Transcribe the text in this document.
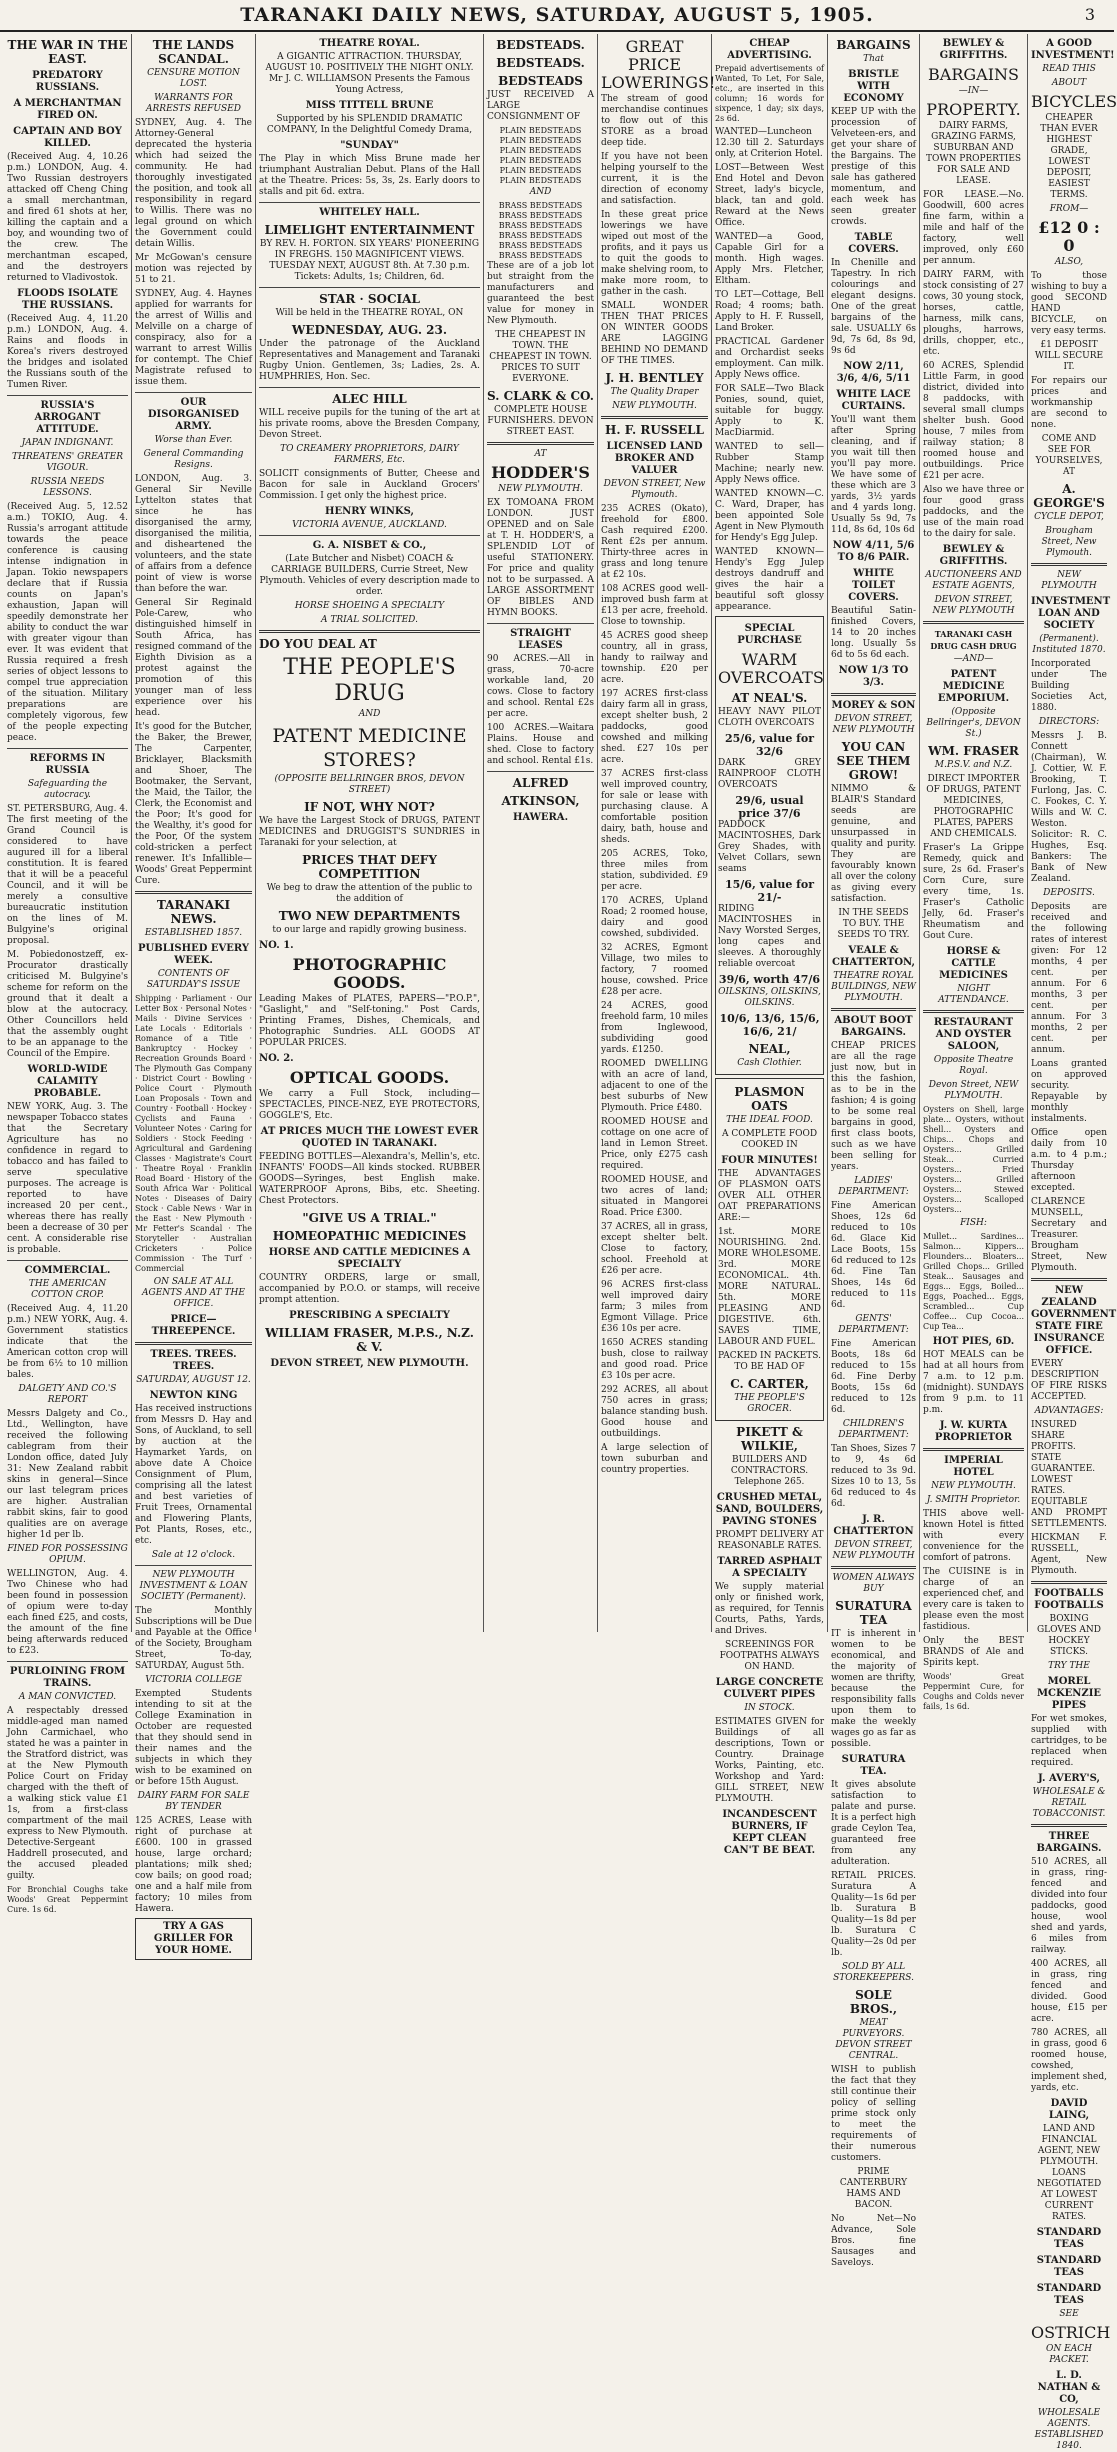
TARANAKI DAILY NEWS, SATURDAY, AUGUST 5, 1905.	3
THE WAR IN THE EAST.
PREDATORY RUSSIANS.
A MERCHANTMAN FIRED ON.
CAPTAIN AND BOY KILLED.

(Received Aug. 4, 10.26 p.m.) LONDON, Aug. 4. Two Russian destroyers attacked off Cheng Ching a small merchantman, and fired 61 shots at her, killing the captain and a boy, and wounding two of the crew. The merchantman escaped, and the destroyers returned to Vladivostok.

FLOODS ISOLATE THE RUSSIANS.

(Received Aug. 4, 11.20 p.m.) LONDON, Aug. 4. Rains and floods in Korea's rivers destroyed the bridges and isolated the Russians south of the Tumen River.

RUSSIA'S ARROGANT ATTITUDE.
JAPAN INDIGNANT.
THREATENS' GREATER VIGOUR.
RUSSIA NEEDS LESSONS.

(Received Aug. 5, 12.52 a.m.) TOKIO, Aug. 4. Russia's arrogant attitude towards the peace conference is causing intense indignation in Japan. Tokio newspapers declare that if Russia counts on Japan's exhaustion, Japan will speedily demonstrate her ability to conduct the war with greater vigour than ever. It was evident that Russia required a fresh series of object lessons to compel true appreciation of the situation. Military preparations are completely vigorous, few of the people expecting peace.

REFORMS IN RUSSIA
Safeguarding the autocracy.

ST. PETERSBURG, Aug. 4. The first meeting of the Grand Council is considered to have augured ill for a liberal constitution. It is feared that it will be a peaceful Council, and it will be merely a consultive bureaucratic institution on the lines of M. Bulgyine's original proposal.

M. Pobiedonostzeff, ex-Procurator drastically criticised M. Bulgyine's scheme for reform on the ground that it dealt a blow at the autocracy. Other Councillors held that the assembly ought to be an appanage to the Council of the Empire.

WORLD-WIDE CALAMITY PROBABLE.

NEW YORK, Aug. 3. The newspaper Tobacco states that the Secretary Agriculture has no confidence in regard to tobacco and has failed to serve speculative purposes. The acreage is reported to have increased 20 per cent., whereas there has really been a decrease of 30 per cent. A considerable rise is probable.

COMMERCIAL.
THE AMERICAN COTTON CROP.

(Received Aug. 4, 11.20 p.m.) NEW YORK, Aug. 4. Government statistics indicate that the American cotton crop will be from 6½ to 10 million bales.

DALGETY AND CO.'S REPORT

Messrs Dalgety and Co., Ltd., Wellington, have received the following cablegram from their London office, dated July 31: New Zealand rabbit skins in general—Since our last telegram prices are higher. Australian rabbit skins, fair to good qualities are on average higher 1d per lb.

FINED FOR POSSESSING OPIUM.

WELLINGTON, Aug. 4. Two Chinese who had been found in possession of opium were to-day each fined £25, and costs, the amount of the fine being afterwards reduced to £23.

PURLOINING FROM TRAINS.
A MAN CONVICTED.

A respectably dressed middle-aged man named John Carmichael, who stated he was a painter in the Stratford district, was at the New Plymouth Police Court on Friday charged with the theft of a walking stick value £1 1s, from a first-class compartment of the mail express to New Plymouth. Detective-Sergeant Haddrell prosecuted, and the accused pleaded guilty.

For Bronchial Coughs take Woods' Great Peppermint Cure. 1s 6d.

THE LANDS SCANDAL.
CENSURE MOTION LOST.
WARRANTS FOR ARRESTS REFUSED

SYDNEY, Aug. 4. The Attorney-General deprecated the hysteria which had seized the community. He had thoroughly investigated the position, and took all responsibility in regard to Willis. There was no legal ground on which the Government could detain Willis.

Mr McGowan's censure motion was rejected by 51 to 21.

SYDNEY, Aug. 4. Haynes applied for warrants for the arrest of Willis and Melville on a charge of conspiracy, also for a warrant to arrest Willis for contempt. The Chief Magistrate refused to issue them.

OUR DISORGANISED ARMY.
Worse than Ever.
General Commanding Resigns.

LONDON, Aug. 3. General Sir Neville Lyttelton states that since he has disorganised the army, disorganised the militia, and disheartened the volunteers, and the state of affairs from a defence point of view is worse than before the war.

General Sir Reginald Pole-Carew, who distinguished himself in South Africa, has resigned command of the Eighth Division as a protest against the promotion of this younger man of less experience over his head.

It's good for the Butcher, the Baker, the Brewer, The Carpenter, Bricklayer, Blacksmith and Shoer, The Bootmaker, the Servant, the Maid, the Tailor, the Clerk, the Economist and the Poor; It's good for the Wealthy, it's good for the Poor, Of the system cold-stricken a perfect renewer. It's Infallible—Woods' Great Peppermint Cure.

TARANAKI NEWS.
ESTABLISHED 1857.
PUBLISHED EVERY WEEK.
CONTENTS OF SATURDAY'S ISSUE

Shipping · Parliament · Our Letter Box · Personal Notes · Mails · Divine Services · Late Locals · Editorials · Romance of a Title · Bankruptcy · Hockey · Recreation Grounds Board · The Plymouth Gas Company · District Court · Bowling · Police Court · Plymouth Loan Proposals · Town and Country · Football · Hockey · Cyclists and Fauna · Volunteer Notes · Caring for Soldiers · Stock Feeding · Agricultural and Gardening Classes · Magistrate's Court · Theatre Royal · Franklin Road Board · History of the South Africa War · Political Notes · Diseases of Dairy Stock · Cable News · War in the East · New Plymouth · Mr Fetter's Scandal · The Storyteller · Australian Cricketers · Police Commission · The Turf · Commercial

ON SALE AT ALL AGENTS AND AT THE OFFICE.
PRICE— THREEPENCE.
TREES. TREES. TREES.
SATURDAY, AUGUST 12.
NEWTON KING

Has received instructions from Messrs D. Hay and Sons, of Auckland, to sell by auction at the Haymarket Yards, on above date A Choice Consignment of Plum, comprising all the latest and best varieties of Fruit Trees, Ornamental and Flowering Plants, Pot Plants, Roses, etc., etc.

Sale at 12 o'clock.
NEW PLYMOUTH INVESTMENT & LOAN SOCIETY (Permanent).

The Monthly Subscriptions will be Due and Payable at the Office of the Society, Brougham Street, To-day, SATURDAY, August 5th.

VICTORIA COLLEGE

Exempted Students intending to sit at the College Examination in October are requested that they should send in their names and the subjects in which they wish to be examined on or before 15th August.

DAIRY FARM FOR SALE BY TENDER

125 ACRES, Lease with right of purchase at £600. 100 in grassed house, large orchard; plantations; milk shed; cow bails; on good road; one and a half mile from factory; 10 miles from Hawera.

TRY A GAS GRILLER FOR YOUR HOME.
THEATRE ROYAL.

A GIGANTIC ATTRACTION. THURSDAY, AUGUST 10. POSITIVELY THE NIGHT ONLY. Mr J. C. WILLIAMSON Presents the Famous Young Actress,

MISS TITTELL BRUNE

Supported by his SPLENDID DRAMATIC COMPANY, In the Delightful Comedy Drama,

"SUNDAY"

The Play in which Miss Brune made her triumphant Australian Debut. Plans of the Hall at the Theatre. Prices: 5s, 3s, 2s. Early doors to stalls and pit 6d. extra.

WHITELEY HALL.
LIMELIGHT ENTERTAINMENT

BY REV. H. FORTON. SIX YEARS' PIONEERING IN FREGHS. 150 MAGNIFICENT VIEWS. TUESDAY NEXT, AUGUST 8th. At 7.30 p.m. Tickets: Adults, 1s; Children, 6d.

STAR · SOCIAL

Will be held in the THEATRE ROYAL, ON

WEDNESDAY, AUG. 23.

Under the patronage of the Auckland Representatives and Management and Taranaki Rugby Union. Gentlemen, 3s; Ladies, 2s. A. HUMPHRIES, Hon. Sec.

ALEC HILL

WILL receive pupils for the tuning of the art at his private rooms, above the Bresden Company, Devon Street.

TO CREAMERY PROPRIETORS, DAIRY FARMERS, Etc.

SOLICIT consignments of Butter, Cheese and Bacon for sale in Auckland Grocers' Commission. I get only the highest price.

HENRY WINKS,
VICTORIA AVENUE, AUCKLAND.
G. A. NISBET & CO.,

(Late Butcher and Nisbet) COACH & CARRIAGE BUILDERS, Currie Street, New Plymouth. Vehicles of every description made to order.

HORSE SHOEING A SPECIALTY
A TRIAL SOLICITED.
DO YOU DEAL AT
THE PEOPLE'S DRUG
AND
PATENT MEDICINE STORES?
(OPPOSITE BELLRINGER BROS, DEVON STREET)
IF NOT, WHY NOT?

We have the Largest Stock of DRUGS, PATENT MEDICINES and DRUGGIST'S SUNDRIES in Taranaki for your selection, at

PRICES THAT DEFY COMPETITION

We beg to draw the attention of the public to the addition of

TWO NEW DEPARTMENTS

to our large and rapidly growing business.

NO. 1.
PHOTOGRAPHIC GOODS.

Leading Makes of PLATES, PAPERS—"P.O.P.", "Gaslight," and "Self-toning." Post Cards, Printing Frames, Dishes, Chemicals, and Photographic Sundries. ALL GOODS AT POPULAR PRICES.

NO. 2.
OPTICAL GOODS.

We carry a Full Stock, including— SPECTACLES, PINCE-NEZ, EYE PROTECTORS, GOGGLE'S, Etc.

AT PRICES MUCH THE LOWEST EVER QUOTED IN TARANAKI.

FEEDING BOTTLES—Alexandra's, Mellin's, etc. INFANTS' FOODS—All kinds stocked. RUBBER GOODS—Syringes, best English make. WATERPROOF Aprons, Bibs, etc. Sheeting. Chest Protectors.

"GIVE US A TRIAL."
HOMEOPATHIC MEDICINES
HORSE AND CATTLE MEDICINES A SPECIALTY

COUNTRY ORDERS, large or small, accompanied by P.O.O. or stamps, will receive prompt attention.

PRESCRIBING A SPECIALTY
WILLIAM FRASER, M.P.S., N.Z. & V.
DEVON STREET, NEW PLYMOUTH.
BEDSTEADS.
BEDSTEADS.
BEDSTEADS

JUST RECEIVED A LARGE CONSIGNMENT OF

PLAIN BEDSTEADS
PLAIN BEDSTEADS
PLAIN BEDSTEADS
PLAIN BEDSTEADS
PLAIN BEDSTEADS
PLAIN BEDSTEADS
AND
BRASS BEDSTEADS
BRASS BEDSTEADS
BRASS BEDSTEADS
BRASS BEDSTEADS
BRASS BEDSTEADS
BRASS BEDSTEADS

These are of a job lot but straight from the manufacturers and guaranteed the best value for money in New Plymouth.

THE CHEAPEST IN TOWN. THE CHEAPEST IN TOWN. PRICES TO SUIT EVERYONE.

S. CLARK & CO.

COMPLETE HOUSE FURNISHERS. DEVON STREET EAST.

AT
HODDER'S
NEW PLYMOUTH.

EX TOMOANA FROM LONDON. JUST OPENED and on Sale at T. H. HODDER'S, a SPLENDID LOT of useful STATIONERY. For price and quality not to be surpassed. A LARGE ASSORTMENT OF BIBLES AND HYMN BOOKS.

STRAIGHT LEASES

90 ACRES.—All in grass, 70-acre workable land, 20 cows. Close to factory and school. Rental £2s per acre.

100 ACRES.—Waitara Plains. House and shed. Close to factory and school. Rental £1s.

ALFRED
ATKINSON,
HAWERA.
GREAT PRICE LOWERINGS!

The stream of good merchandise continues to flow out of this STORE as a broad deep tide.

If you have not been helping yourself to the current, it is the direction of economy and satisfaction.

In these great price lowerings we have wiped out most of the profits, and it pays us to quit the goods to make shelving room, to make more room, to gather in the cash.

SMALL WONDER THEN THAT PRICES ON WINTER GOODS ARE LAGGING BEHIND NO DEMAND OF THE TIMES.

J. H. BENTLEY
The Quality Draper
NEW PLYMOUTH.
H. F. RUSSELL
LICENSED LAND BROKER AND VALUER
DEVON STREET, New Plymouth.

235 ACRES (Okato), freehold for £800. Cash required £200. Rent £2s per annum. Thirty-three acres in grass and long tenure at £2 10s.

108 ACRES good well-improved bush farm at £13 per acre, freehold. Close to township.

45 ACRES good sheep country, all in grass, handy to railway and township. £20 per acre.

197 ACRES first-class dairy farm all in grass, except shelter bush, 2 paddocks, good cowshed and milking shed. £27 10s per acre.

37 ACRES first-class well improved country, for sale or lease with purchasing clause. A comfortable position dairy, bath, house and sheds.

205 ACRES, Toko, three miles from station, subdivided. £9 per acre.

170 ACRES, Upland Road; 2 roomed house, dairy and good cowshed, subdivided.

32 ACRES, Egmont Village, two miles to factory, 7 roomed house, cowshed. Price £28 per acre.

24 ACRES, good freehold farm, 10 miles from Inglewood, subdividing good yards. £1250.

ROOMED DWELLING with an acre of land, adjacent to one of the best suburbs of New Plymouth. Price £480.

ROOMED HOUSE and cottage on one acre of land in Lemon Street. Price, only £275 cash required.

ROOMED HOUSE, and two acres of land; situated in Mangorei Road. Price £300.

37 ACRES, all in grass, except shelter belt. Close to factory, school. Freehold at £26 per acre.

96 ACRES first-class well improved dairy farm; 3 miles from Egmont Village. Price £36 10s per acre.

1650 ACRES standing bush, close to railway and good road. Price £3 10s per acre.

292 ACRES, all about 750 acres in grass; balance standing bush. Good house and outbuildings.

A large selection of town suburban and country properties.

CHEAP ADVERTISING.

Prepaid advertisements of Wanted, To Let, For Sale, etc., are inserted in this column; 16 words for sixpence, 1 day; six days, 2s 6d.

WANTED—Luncheon 12.30 till 2. Saturdays only, at Criterion Hotel.

LOST—Between West End Hotel and Devon Street, lady's bicycle, black, tan and gold. Reward at the News Office.

WANTED—a Good, Capable Girl for a month. High wages. Apply Mrs. Fletcher, Eltham.

TO LET—Cottage, Bell Road; 4 rooms; bath. Apply to H. F. Russell, Land Broker.

PRACTICAL Gardener and Orchardist seeks employment. Can milk. Apply News office.

FOR SALE—Two Black Ponies, sound, quiet, suitable for buggy. Apply to K. MacDiarmid.

WANTED to sell—Rubber Stamp Machine; nearly new. Apply News office.

WANTED KNOWN—C. C. Ward, Draper, has been appointed Sole Agent in New Plymouth for Hendy's Egg Julep.

WANTED KNOWN—Hendy's Egg Julep destroys dandruff and gives the hair a beautiful soft glossy appearance.

SPECIAL PURCHASE
WARM OVERCOATS
AT NEAL'S.

HEAVY NAVY PILOT CLOTH OVERCOATS

25/6, value for 32/6

DARK GREY RAINPROOF CLOTH OVERCOATS

29/6, usual price 37/6

PADDOCK MACINTOSHES, Dark Grey Shades, with Velvet Collars, sewn seams

15/6, value for 21/-

RIDING MACINTOSHES in Navy Worsted Serges, long capes and sleeves. A thoroughly reliable overcoat

39/6, worth 47/6
OILSKINS, OILSKINS, OILSKINS.
10/6, 13/6, 15/6, 16/6, 21/
NEAL,
Cash Clothier.
PLASMON OATS
THE IDEAL FOOD.

A COMPLETE FOOD COOKED IN

FOUR MINUTES!

THE ADVANTAGES OF PLASMON OATS OVER ALL OTHER OAT PREPARATIONS ARE:—

1st. MORE NOURISHING. 2nd. MORE WHOLESOME. 3rd. MORE ECONOMICAL. 4th. MORE NATURAL. 5th. MORE PLEASING AND DIGESTIVE. 6th. SAVES TIME, LABOUR AND FUEL.

PACKED IN PACKETS. TO BE HAD OF

C. CARTER,
THE PEOPLE'S GROCER.
PIKETT & WILKIE,

BUILDERS AND CONTRACTORS. Telephone 265.

CRUSHED METAL, SAND, BOULDERS, PAVING STONES

PROMPT DELIVERY AT REASONABLE RATES.

TARRED ASPHALT A SPECIALTY

We supply material only or finished work, as required, for Tennis Courts, Paths, Yards, and Drives.

SCREENINGS FOR FOOTPATHS ALWAYS ON HAND.

LARGE CONCRETE CULVERT PIPES
IN STOCK.

ESTIMATES GIVEN for Buildings of all descriptions, Town or Country. Drainage Works, Painting, etc. Workshop and Yard: GILL STREET, NEW PLYMOUTH.

INCANDESCENT BURNERS, IF KEPT CLEAN CAN'T BE BEAT.
BARGAINS
That
BRISTLE WITH ECONOMY

KEEP UP with the procession of Velveteen-ers, and get your share of the Bargains. The prestige of this sale has gathered momentum, and each week has seen greater crowds.

TABLE COVERS.

In Chenille and Tapestry. In rich colourings and elegant designs. One of the great bargains of the sale. USUALLY 6s 9d, 7s 6d, 8s 9d, 9s 6d

NOW 2/11, 3/6, 4/6, 5/11
WHITE LACE CURTAINS.

You'll want them after Spring cleaning, and if you wait till then you'll pay more. We have some of these which are 3 yards, 3½ yards and 4 yards long. Usually 5s 9d, 7s 11d, 8s 6d, 10s 6d

NOW 4/11, 5/6 TO 8/6 PAIR.
WHITE TOILET COVERS.

Beautiful Satin-finished Covers, 14 to 20 inches long. Usually 5s 6d to 5s 6d each.

NOW 1/3 TO 3/3.
MOREY & SON
DEVON STREET, NEW PLYMOUTH
YOU CAN SEE THEM GROW!

NIMMO & BLAIR'S Standard seeds are genuine, and unsurpassed in quality and purity. They are favourably known all over the colony as giving every satisfaction.

IN THE SEEDS TO BUY. THE SEEDS TO TRY.

VEALE & CHATTERTON,
THEATRE ROYAL BUILDINGS, NEW PLYMOUTH.
ABOUT BOOT BARGAINS.

CHEAP PRICES are all the rage just now, but in this the fashion, as to be in the fashion; 4 is going to be some real bargains in good, first class boots, such as we have been selling for years.

LADIES' DEPARTMENT:

Fine American Shoes, 12s 6d reduced to 10s 6d. Glace Kid Lace Boots, 15s 6d reduced to 12s 6d. Fine Tan Shoes, 14s 6d reduced to 11s 6d.

GENTS' DEPARTMENT:

Fine American Boots, 18s 6d reduced to 15s 6d. Fine Derby Boots, 15s 6d reduced to 12s 6d.

CHILDREN'S DEPARTMENT:

Tan Shoes, Sizes 7 to 9, 4s 6d reduced to 3s 9d. Sizes 10 to 13, 5s 6d reduced to 4s 6d.

J. R. CHATTERTON
DEVON STREET, NEW PLYMOUTH
WOMEN ALWAYS BUY
SURATURA TEA

IT is inherent in women to be economical, and the majority of women are thrifty, because the responsibility falls upon them to make the weekly wages go as far as possible.

SURATURA TEA.

It gives absolute satisfaction to palate and purse. It is a perfect high grade Ceylon Tea, guaranteed free from any adulteration.

RETAIL PRICES. Suratura A Quality—1s 6d per lb. Suratura B Quality—1s 8d per lb. Suratura C Quality—2s 0d per lb.

SOLD BY ALL STOREKEEPERS.
SOLE BROS.,
MEAT PURVEYORS. DEVON STREET CENTRAL.

WISH to publish the fact that they still continue their policy of selling prime stock only to meet the requirements of their numerous customers.

PRIME CANTERBURY HAMS AND BACON.

No Net—No Advance, Sole Bros. fine Sausages and Saveloys.

BEWLEY & GRIFFITHS.
BARGAINS
—IN—
PROPERTY.

DAIRY FARMS, GRAZING FARMS, SUBURBAN AND TOWN PROPERTIES FOR SALE AND LEASE.

FOR LEASE.—No. Goodwill, 600 acres fine farm, within a mile and half of the factory, well improved, only £60 per annum.

DAIRY FARM, with stock consisting of 27 cows, 30 young stock, horses, cattle, harness, milk cans, ploughs, harrows, drills, chopper, etc., etc.

60 ACRES, Splendid Little Farm, in good district, divided into 8 paddocks, with several small clumps shelter bush. Good house, 7 miles from railway station; 8 roomed house and outbuildings. Price £21 per acre.

Also we have three or four good grass paddocks, and the use of the main road to the dairy for sale.

BEWLEY & GRIFFITHS.
AUCTIONEERS AND ESTATE AGENTS,
DEVON STREET, NEW PLYMOUTH
TARANAKI CASH DRUG CASH DRUG
—AND—
PATENT MEDICINE EMPORIUM.
(Opposite Bellringer's, DEVON St.)
WM. FRASER
M.P.S.V. and N.Z.

DIRECT IMPORTER OF DRUGS, PATENT MEDICINES, PHOTOGRAPHIC PLATES, PAPERS AND CHEMICALS.

Fraser's La Grippe Remedy, quick and sure, 2s 6d. Fraser's Corn Cure, sure every time, 1s. Fraser's Catholic Jelly, 6d. Fraser's Rheumatism and Gout Cure.

HORSE & CATTLE MEDICINES
NIGHT ATTENDANCE.
RESTAURANT AND OYSTER SALOON,
Opposite Theatre Royal.
Devon Street, NEW PLYMOUTH.

Oysters on Shell, large plate... Oysters, without Shell... Oysters and Chips... Chops and Oysters... Grilled Steak... Curried Oysters... Fried Oysters... Grilled Oysters... Stewed Oysters... Scalloped Oysters...

FISH:

Mullet... Sardines... Salmon... Kippers... Flounders... Bloaters... Grilled Chops... Grilled Steak... Sausages and Eggs... Eggs, Boiled... Eggs, Poached... Eggs, Scrambled... Cup Coffee... Cup Cocoa... Cup Tea...

HOT PIES, 6D.

HOT MEALS can be had at all hours from 7 a.m. to 12 p.m. (midnight). SUNDAYS from 9 p.m. to 11 p.m.

J. W. KURTA PROPRIETOR
IMPERIAL HOTEL
NEW PLYMOUTH.
J. SMITH Proprietor.

THIS above well-known Hotel is fitted with every convenience for the comfort of patrons.

The CUISINE is in charge of an experienced chef, and every care is taken to please even the most fastidious.

Only the BEST BRANDS of Ale and Spirits kept.

Woods' Great Peppermint Cure, for Coughs and Colds never fails, 1s 6d.

A GOOD INVESTMENT!
READ THIS
ABOUT
BICYCLES

CHEAPER THAN EVER HIGHEST GRADE, LOWEST DEPOSIT, EASIEST TERMS.

FROM—
£12 0 : 0
ALSO,

To those wishing to buy a good SECOND HAND BICYCLE, on very easy terms.

£1 DEPOSIT WILL SECURE IT.

For repairs our prices and workmanship are second to none.

COME AND SEE FOR YOURSELVES, AT

A. GEORGE'S
CYCLE DEPOT,
Brougham Street, New Plymouth.
NEW PLYMOUTH
INVESTMENT LOAN AND SOCIETY
(Permanent). Instituted 1870.

Incorporated under The Building Societies Act, 1880.

DIRECTORS:

Messrs J. B. Connett (Chairman), W. J. Cottier, W. F. Brooking, T. Furlong, Jas. C. C. Fookes, C. Y. Wills and W. C. Weston. Solicitor: R. C. Hughes, Esq. Bankers: The Bank of New Zealand.

DEPOSITS.

Deposits are received and the following rates of interest given: For 12 months, 4 per cent. per annum. For 6 months, 3 per cent. per annum. For 3 months, 2 per cent. per annum.

Loans granted on approved security. Repayable by monthly instalments.

Office open daily from 10 a.m. to 4 p.m.; Thursday afternoon excepted.

CLARENCE MUNSELL, Secretary and Treasurer. Brougham Street, New Plymouth.

NEW ZEALAND GOVERNMENT STATE FIRE INSURANCE OFFICE.

EVERY DESCRIPTION OF FIRE RISKS ACCEPTED.

ADVANTAGES:

INSURED SHARE PROFITS. STATE GUARANTEE. LOWEST RATES. EQUITABLE AND PROMPT SETTLEMENTS.

HICKMAN F. RUSSELL, Agent, New Plymouth.

FOOTBALLS FOOTBALLS

BOXING GLOVES AND HOCKEY STICKS.

TRY THE
MOREL MCKENZIE PIPES

For wet smokes, supplied with cartridges, to be replaced when required.

J. AVERY'S,
WHOLESALE & RETAIL TOBACCONIST.
THREE BARGAINS.

510 ACRES, all in grass, ring-fenced and divided into four paddocks, good house, wool shed and yards, 6 miles from railway.

400 ACRES, all in grass, ring fenced and divided. Good house, £15 per acre.

780 ACRES, all in grass, good 6 roomed house, cowshed, implement shed, yards, etc.

DAVID LAING,

LAND AND FINANCIAL AGENT, NEW PLYMOUTH. LOANS NEGOTIATED AT LOWEST CURRENT RATES.

STANDARD TEAS
STANDARD TEAS
STANDARD TEAS
SEE
OSTRICH
ON EACH PACKET.
L. D. NATHAN & CO,
WHOLESALE AGENTS. ESTABLISHED 1840.
